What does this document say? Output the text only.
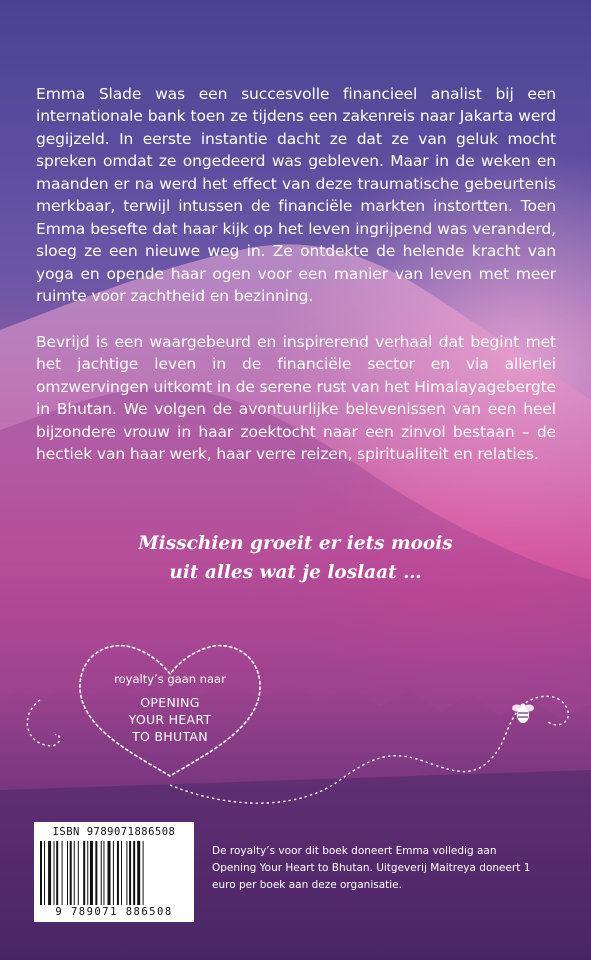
Emma Slade was een succesvolle financieel analist bij een internationale bank toen ze tijdens een zakenreis naar Jakarta werd gegijzeld. In eerste instantie dacht ze dat ze van geluk mocht spreken omdat ze ongedeerd was gebleven. Maar in de weken en maanden er na werd het effect van deze traumatische gebeurtenis merkbaar, terwijl intussen de financiële markten instortten. Toen Emma besefte dat haar kijk op het leven ingrijpend was veranderd, sloeg ze een nieuwe weg in. Ze ontdekte de helende kracht van yoga en opende haar ogen voor een manier van leven met meer ruimte voor zachtheid en bezinning.

Bevrijd is een waargebeurd en inspirerend verhaal dat begint met het jachtige leven in de financiële sector en via allerlei omzwervingen uitkomt in de serene rust van het Himalayagebergte in Bhutan. We volgen de avontuurlijke belevenissen van een heel bijzondere vrouw in haar zoektocht naar een zinvol bestaan – de hectiek van haar werk, haar verre reizen, spiritualiteit en relaties.

Misschien groeit er iets moois
uit alles wat je loslaat …
royalty’s gaan naar
OPENING
YOUR HEART
TO BHUTAN
ISBN 9789071886508
9 789071 886508

De royalty’s voor dit boek doneert Emma volledig aan Opening Your Heart to Bhutan. Uitgeverij Maitreya doneert 1 euro per boek aan deze organisatie.
